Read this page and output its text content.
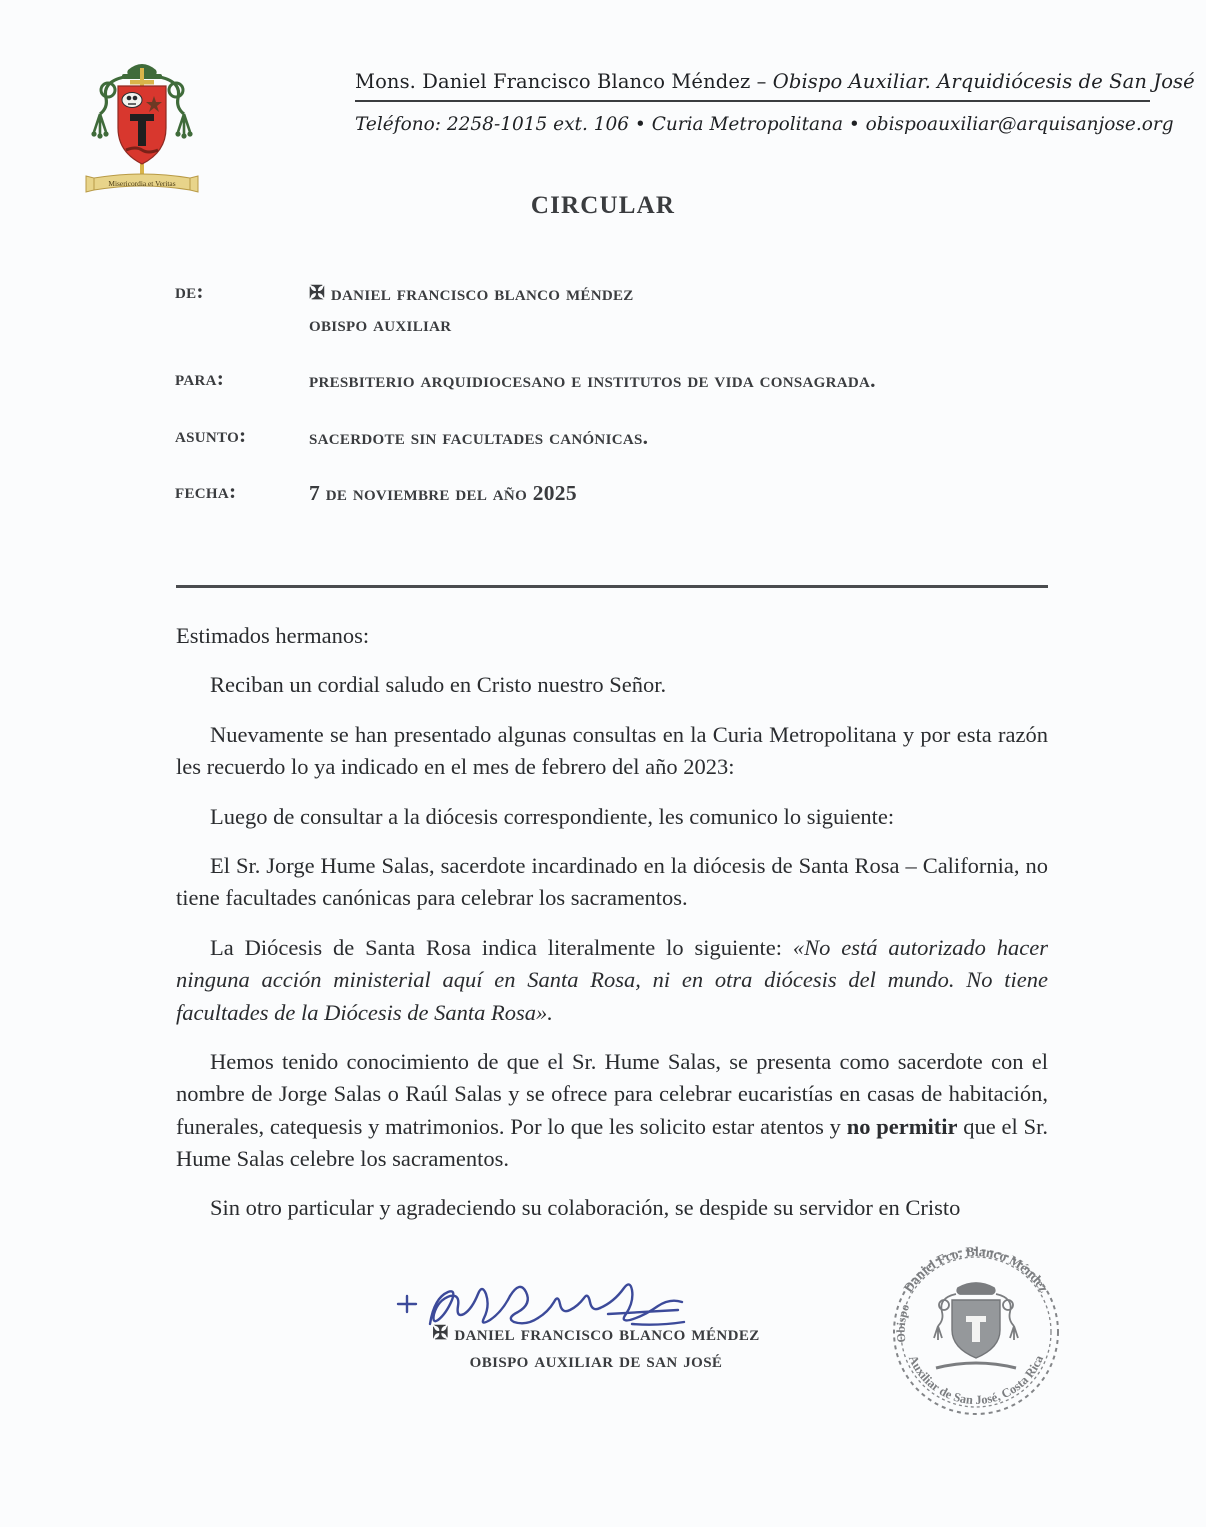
Misericordia et Veritas
Mons. Daniel Francisco Blanco Méndez – Obispo Auxiliar. Arquidiócesis de San José
Teléfono: 2258-1015 ext. 106 • Curia Metropolitana • obispoauxiliar@arquisanjose.org
CIRCULAR
de:	✠ daniel francisco blanco méndez
obispo auxiliar
para:	presbiterio arquidiocesano e institutos de vida consagrada.
asunto:	sacerdote sin facultades canónicas.
fecha:	7 de noviembre del año 2025

Estimados hermanos:

Reciban un cordial saludo en Cristo nuestro Señor.

Nuevamente se han presentado algunas consultas en la Curia Metropolitana y por esta razón les recuerdo lo ya indicado en el mes de febrero del año 2023:

Luego de consultar a la diócesis correspondiente, les comunico lo siguiente:

El Sr. Jorge Hume Salas, sacerdote incardinado en la diócesis de Santa Rosa – California, no tiene facultades canónicas para celebrar los sacramentos.

La Diócesis de Santa Rosa indica literalmente lo siguiente: «No está autorizado hacer ninguna acción ministerial aquí en Santa Rosa, ni en otra diócesis del mundo. No tiene facultades de la Diócesis de Santa Rosa».

Hemos tenido conocimiento de que el Sr. Hume Salas, se presenta como sacerdote con el nombre de Jorge Salas o Raúl Salas y se ofrece para celebrar eucaristías en casas de habitación, funerales, catequesis y matrimonios. Por lo que les solicito estar atentos y no permitir que el Sr. Hume Salas celebre los sacramentos.

Sin otro particular y agradeciendo su colaboración, se despide su servidor en Cristo

✠ daniel francisco blanco méndez
obispo auxiliar de san josé
Daniel Fco. Blanco Méndez
Auxiliar de San José, Costa Rica
Obispo
